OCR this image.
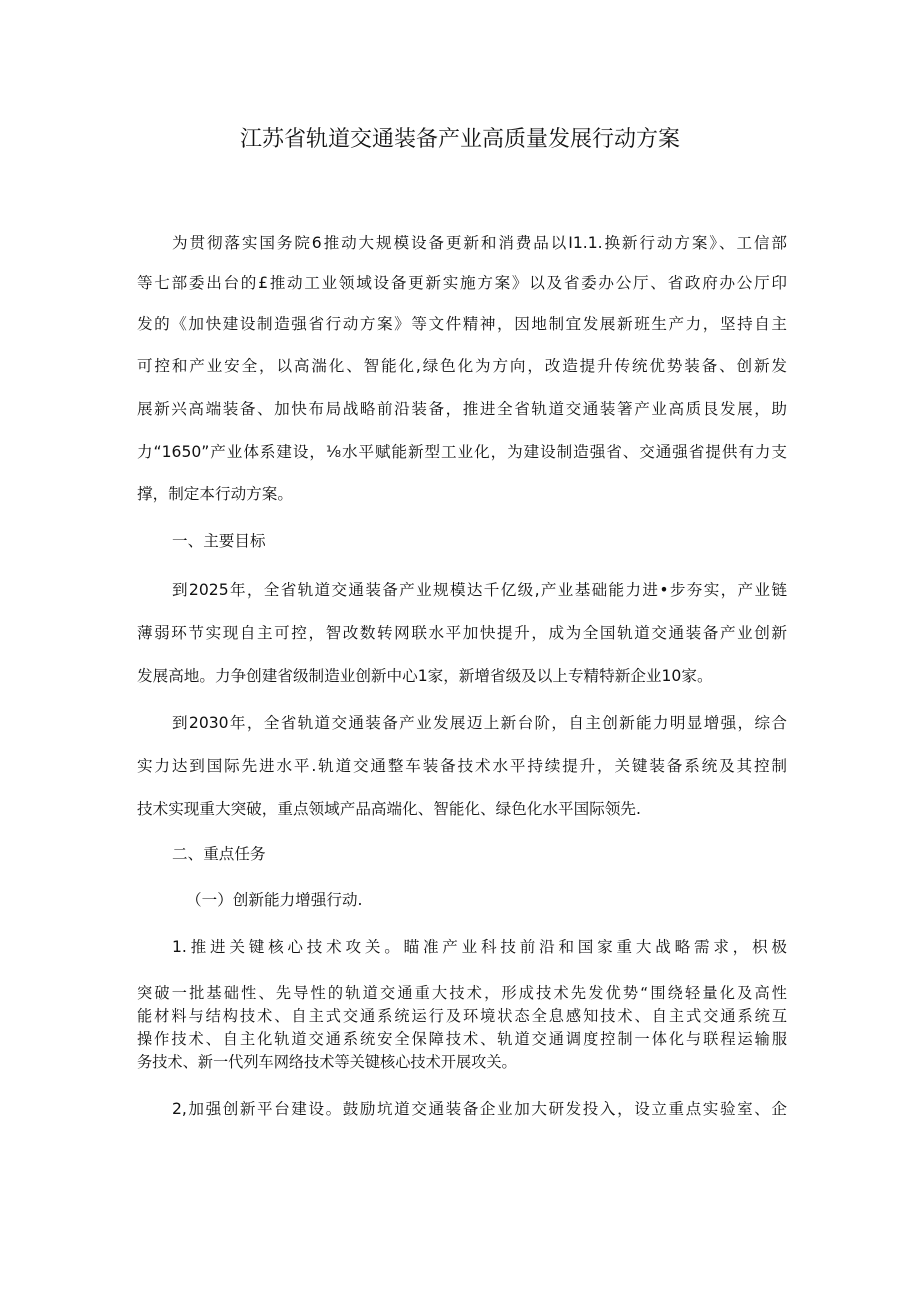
江苏省轨道交通装备产业高质量发展行动方案
为贯彻落实国务院6推动大规模设备更新和消费品以I1.1.换新行动方案》、工信部
等七部委出台的£推动工业领域设备更新实施方案》以及省委办公厅、省政府办公厅印
发的《加快建设制造强省行动方案》等文件精神，因地制宜发展新班生产力，坚持自主
可控和产业安全，以高湍化、智能化,绿色化为方向，改造提升传统优势装备、创新发
展新兴高端装备、加快布局战略前沿装备，推进全省轨道交通装箸产业高质艮发展，助
力“1650”产业体系建设，⅛水平赋能新型工业化，为建设制造强省、交通强省提供有力支
撑，制定本行动方案。
一、主要目标
到2025年，全省轨道交通装备产业规模达千亿级,产业基础能力进•步夯实，产业链
薄弱环节实现自主可控，智改数转网联水平加快提升，成为全国轨道交通装备产业创新
发展高地。力争创建省级制造业创新中心1家，新增省级及以上专精特新企业10家。
到2030年，全省轨道交通装备产业发展迈上新台阶，自主创新能力明显增强，综合
实力达到国际先进水平.轨道交通整车装备技术水平持续提升，关键装备系统及其控制
技术实现重大突破，重点领域产品高端化、智能化、绿色化水平国际领先.
二、重点任务
（一）创新能力增强行动.
1.推进关键核心技术攻关。瞄准产业科技前沿和国家重大战略需求，枳极
突破一批基础性、先导性的轨道交通重大技术，形成技术先发优势“围绕轻量化及高性
能材料与结构技术、自主式交通系统运行及环境状态全息感知技术、自主式交通系统互
操作技术、自主化轨道交通系统安全保障技术、轨道交通调度控制一体化与联程运输服
务技术、新一代列车网络技术等关键核心技术开展攻关。
2,加强创新平台建设。鼓励坑道交通装备企业加大研发投入，设立重点实验室、企
